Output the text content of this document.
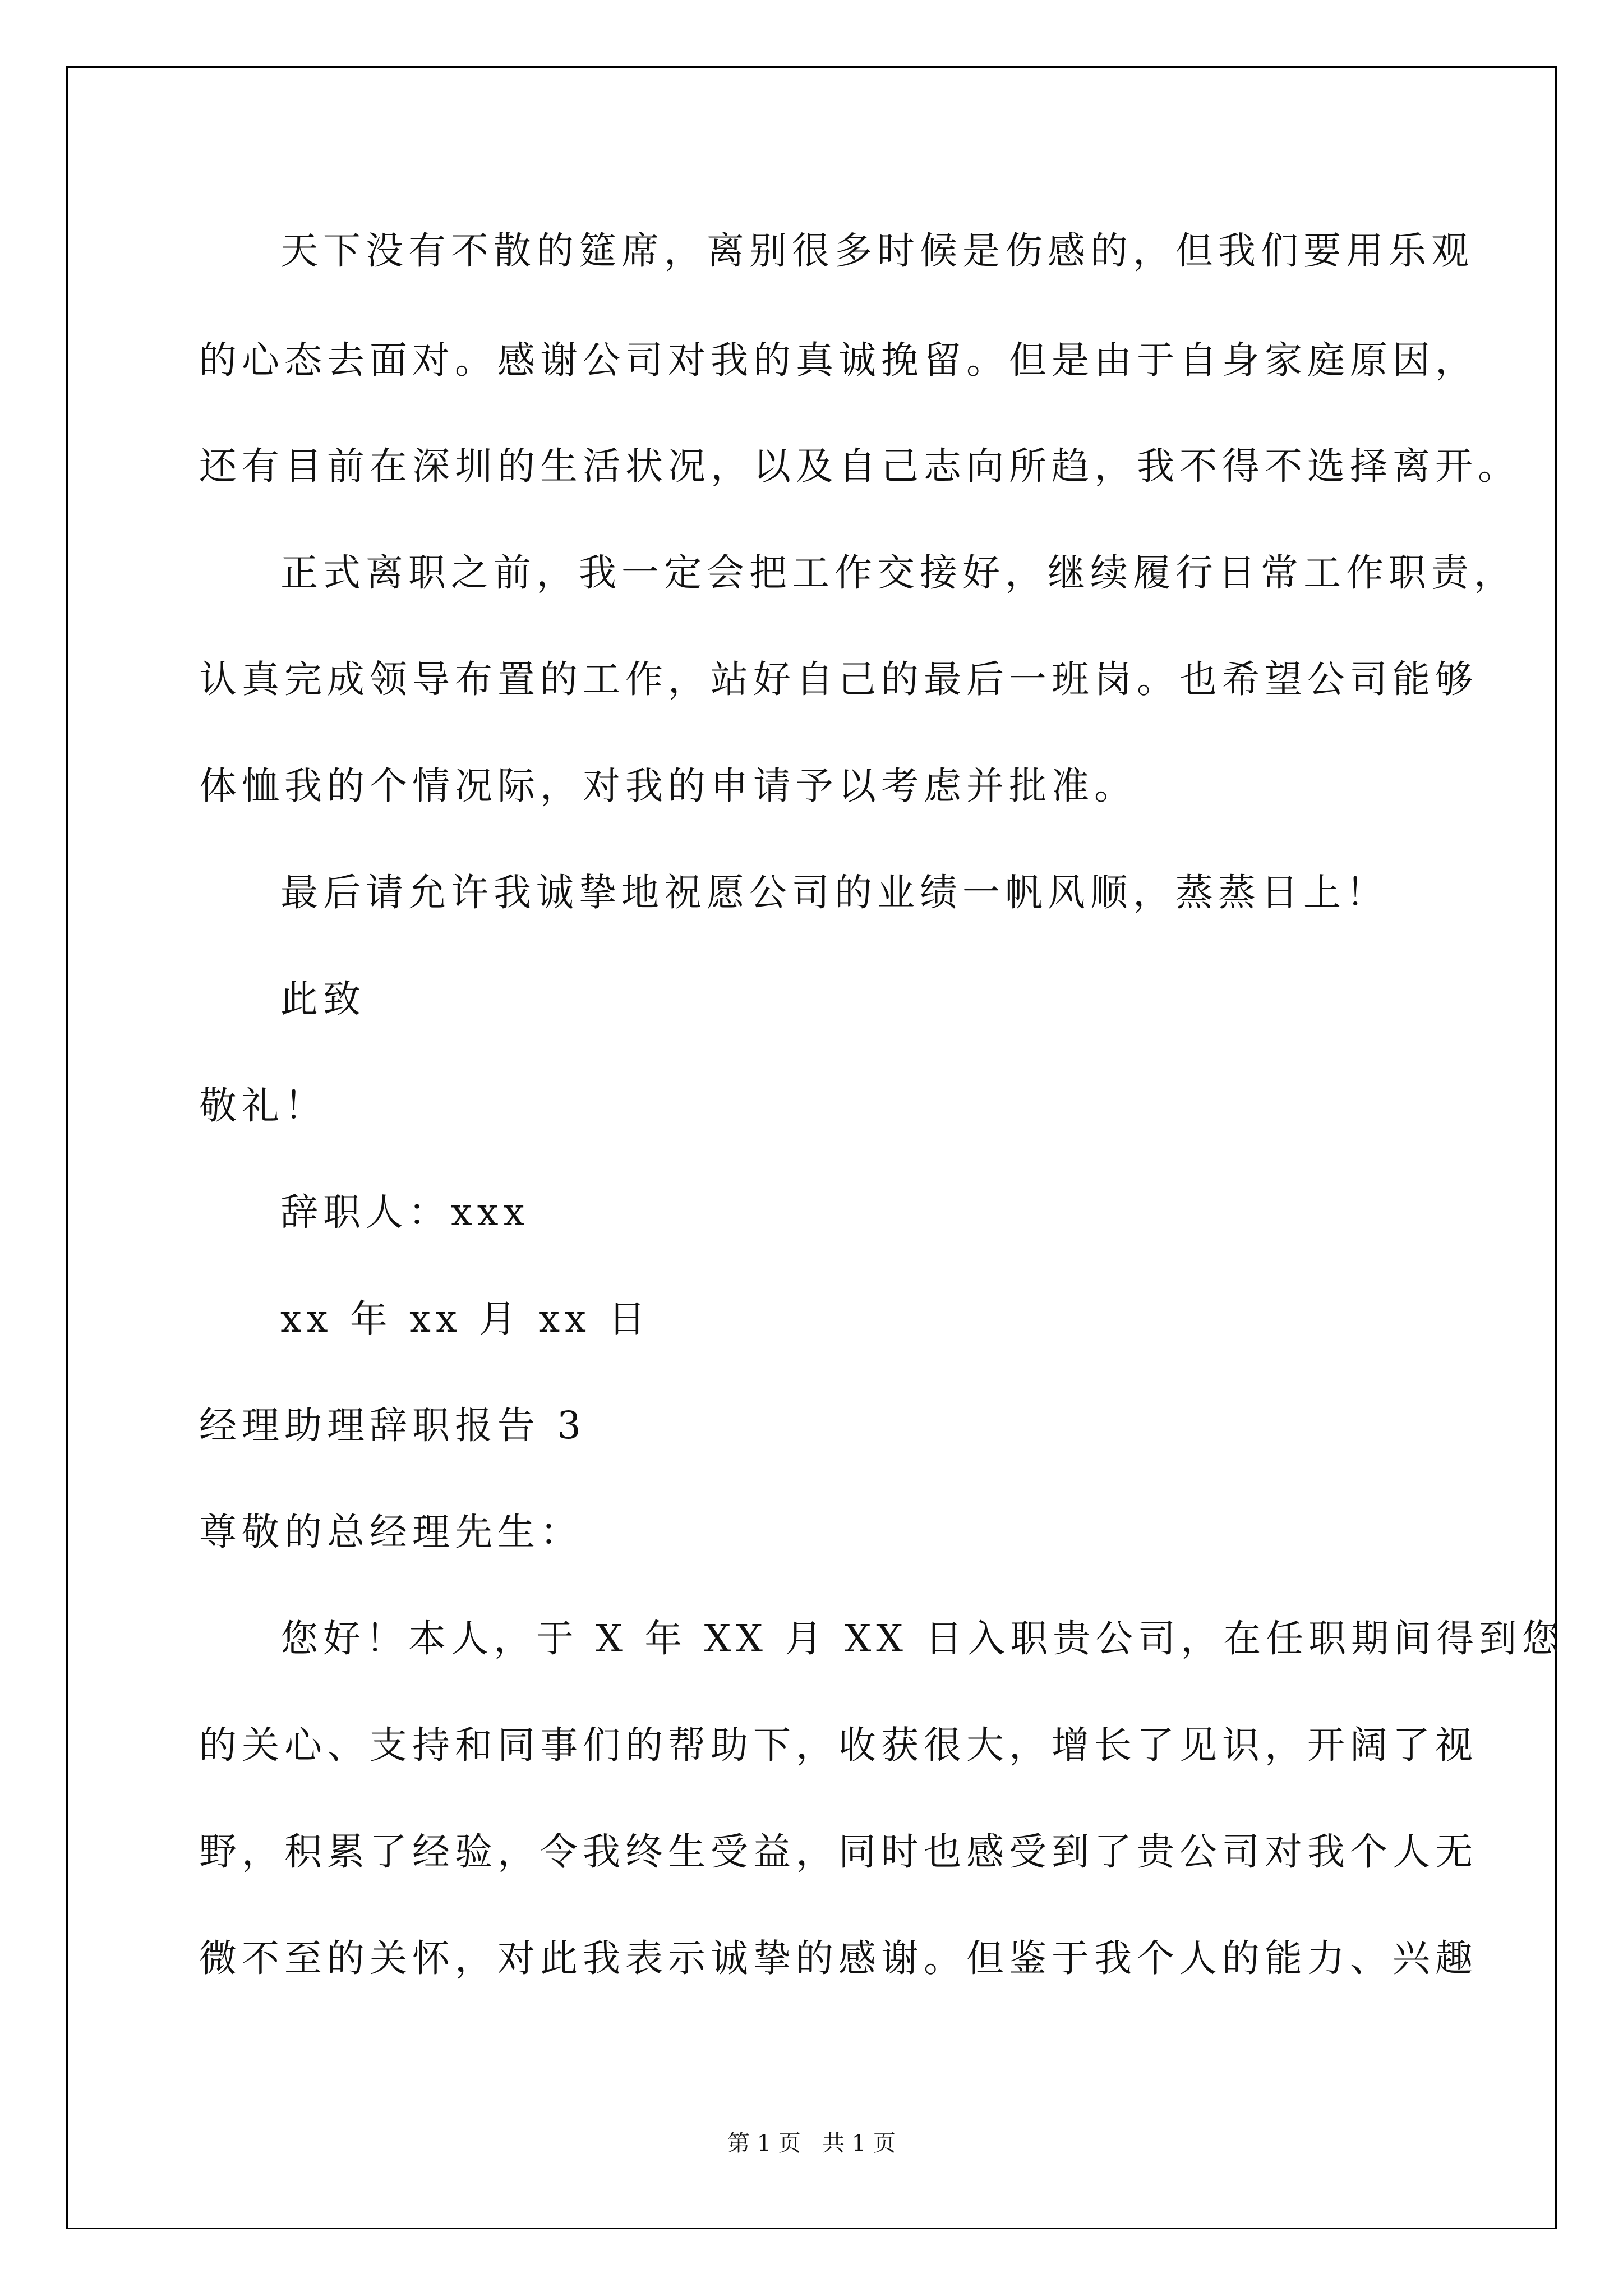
天下没有不散的筵席，离别很多时候是伤感的，但我们要用乐观

的心态去面对。感谢公司对我的真诚挽留。但是由于自身家庭原因，

还有目前在深圳的生活状况，以及自己志向所趋，我不得不选择离开。

正式离职之前，我一定会把工作交接好，继续履行日常工作职责，

认真完成领导布置的工作，站好自己的最后一班岗。也希望公司能够

体恤我的个情况际，对我的申请予以考虑并批准。

最后请允许我诚挚地祝愿公司的业绩一帆风顺，蒸蒸日上！

此致

敬礼！

辞职人：xxx

xx 年 xx 月 xx 日

经理助理辞职报告 3

尊敬的总经理先生：

您好！本人，于 X 年 XX 月 XX 日入职贵公司，在任职期间得到您

的关心、支持和同事们的帮助下，收获很大，增长了见识，开阔了视

野，积累了经验，令我终生受益，同时也感受到了贵公司对我个人无

微不至的关怀，对此我表示诚挚的感谢。但鉴于我个人的能力、兴趣

第 1 页   共 1 页
